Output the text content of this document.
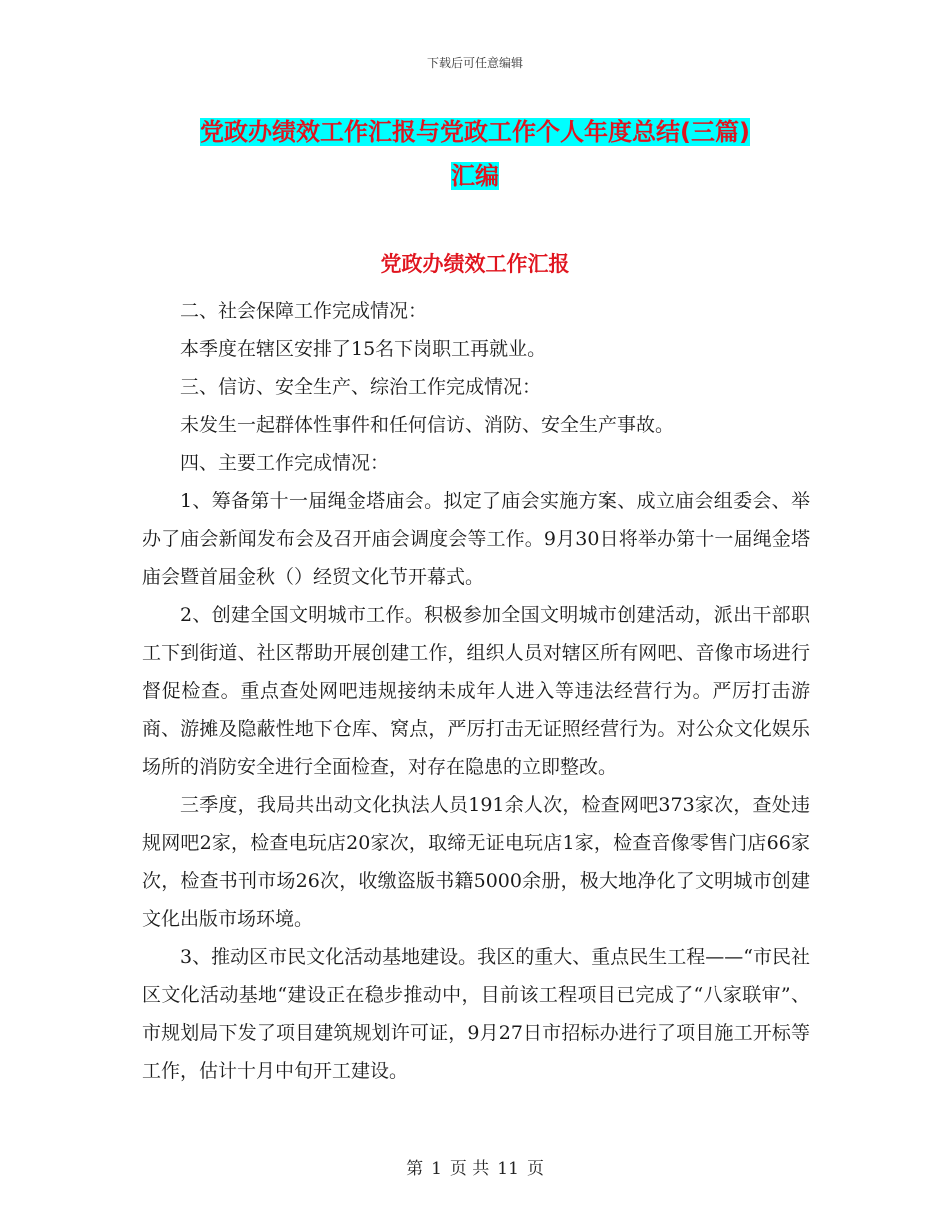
下载后可任意编辑
党政办绩效工作汇报与党政工作个人年度总结(三篇)
汇编
党政办绩效工作汇报

二、社会保障工作完成情况：

本季度在辖区安排了15名下岗职工再就业。

三、信访、安全生产、综治工作完成情况：

未发生一起群体性事件和任何信访、消防、安全生产事故。

四、主要工作完成情况：

1、筹备第十一届绳金塔庙会。拟定了庙会实施方案、成立庙会组委会、举办了庙会新闻发布会及召开庙会调度会等工作。9月30日将举办第十一届绳金塔庙会暨首届金秋（）经贸文化节开幕式。

2、创建全国文明城市工作。积极参加全国文明城市创建活动，派出干部职工下到街道、社区帮助开展创建工作，组织人员对辖区所有网吧、音像市场进行督促检查。重点查处网吧违规接纳未成年人进入等违法经营行为。严厉打击游商、游摊及隐蔽性地下仓库、窝点，严厉打击无证照经营行为。对公众文化娱乐场所的消防安全进行全面检查，对存在隐患的立即整改。

三季度，我局共出动文化执法人员191余人次，检查网吧373家次，查处违规网吧2家，检查电玩店20家次，取缔无证电玩店1家，检查音像零售门店66家次，检查书刊市场26次，收缴盗版书籍5000余册，极大地净化了文明城市创建文化出版市场环境。

3、推动区市民文化活动基地建设。我区的重大、重点民生工程——“市民社区文化活动基地“建设正在稳步推动中，目前该工程项目已完成了“八家联审”、市规划局下发了项目建筑规划许可证，9月27日市招标办进行了项目施工开标等工作，估计十月中旬开工建设。

第 1 页 共 11 页
